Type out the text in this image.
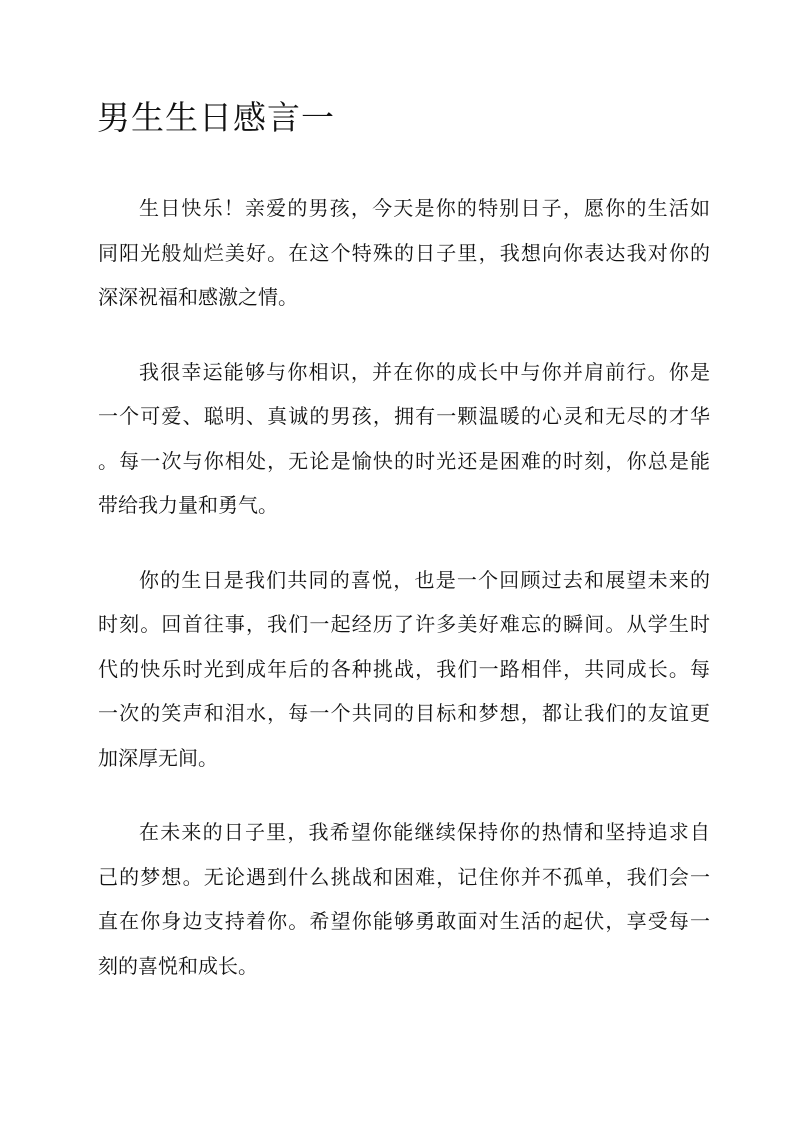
男生生日感言一

生日快乐！亲爱的男孩，今天是你的特别日子，愿你的生活如
同阳光般灿烂美好。在这个特殊的日子里，我想向你表达我对你的
深深祝福和感激之情。

我很幸运能够与你相识，并在你的成长中与你并肩前行。你是
一个可爱、聪明、真诚的男孩，拥有一颗温暖的心灵和无尽的才华
。每一次与你相处，无论是愉快的时光还是困难的时刻，你总是能
带给我力量和勇气。

你的生日是我们共同的喜悦，也是一个回顾过去和展望未来的
时刻。回首往事，我们一起经历了许多美好难忘的瞬间。从学生时
代的快乐时光到成年后的各种挑战，我们一路相伴，共同成长。每
一次的笑声和泪水，每一个共同的目标和梦想，都让我们的友谊更
加深厚无间。

在未来的日子里，我希望你能继续保持你的热情和坚持追求自
己的梦想。无论遇到什么挑战和困难，记住你并不孤单，我们会一
直在你身边支持着你。希望你能够勇敢面对生活的起伏，享受每一
刻的喜悦和成长。
